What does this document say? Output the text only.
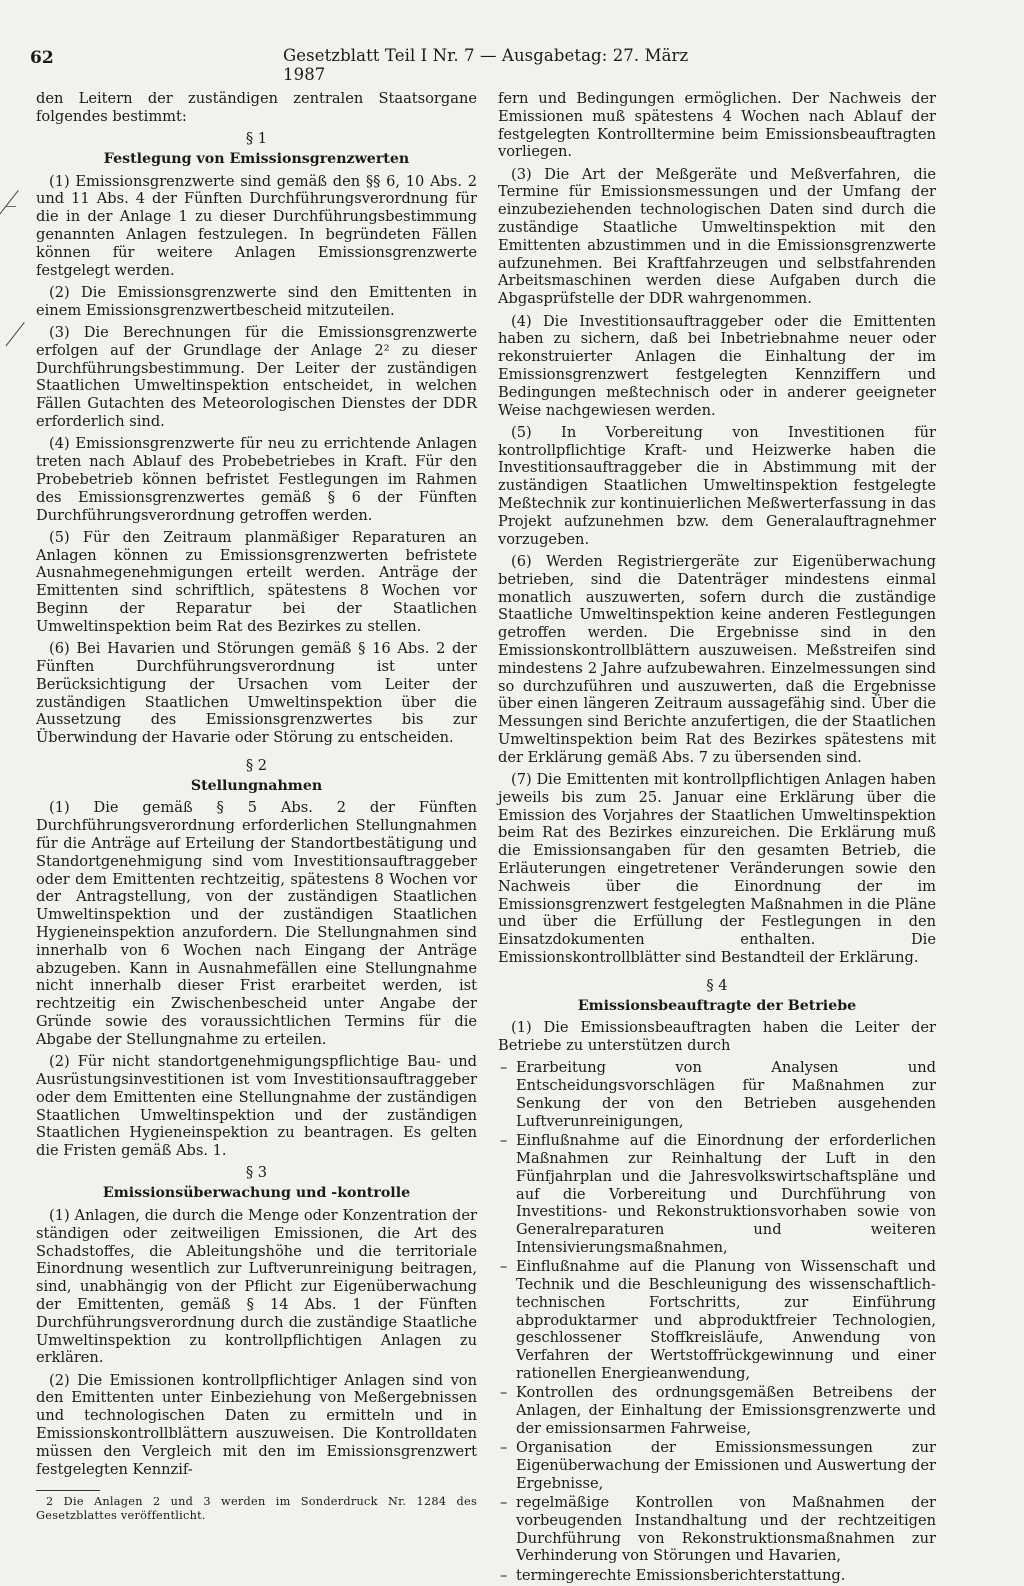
62	Gesetzblatt Teil I Nr. 7 — Ausgabetag: 27. März 1987

den Leitern der zuständigen zentralen Staatsorgane folgendes bestimmt:

§ 1
Festlegung von Emissionsgrenzwerten

(1) Emissionsgrenzwerte sind gemäß den §§ 6, 10 Abs. 2 und 11 Abs. 4 der Fünften Durchführungsverordnung für die in der Anlage 1 zu dieser Durchführungsbestimmung genannten Anlagen festzulegen. In begründeten Fällen können für weitere Anlagen Emissionsgrenzwerte festgelegt werden.

(2) Die Emissionsgrenzwerte sind den Emittenten in einem Emissionsgrenzwertbescheid mitzuteilen.

(3) Die Berechnungen für die Emissionsgrenzwerte erfolgen auf der Grundlage der Anlage 2² zu dieser Durchführungsbestimmung. Der Leiter der zuständigen Staatlichen Umweltinspektion entscheidet, in welchen Fällen Gutachten des Meteorologischen Dienstes der DDR erforderlich sind.

(4) Emissionsgrenzwerte für neu zu errichtende Anlagen treten nach Ablauf des Probebetriebes in Kraft. Für den Probebetrieb können befristet Festlegungen im Rahmen des Emissionsgrenzwertes gemäß § 6 der Fünften Durchführungsverordnung getroffen werden.

(5) Für den Zeitraum planmäßiger Reparaturen an Anlagen können zu Emissionsgrenzwerten befristete Ausnahmegenehmigungen erteilt werden. Anträge der Emittenten sind schriftlich, spätestens 8 Wochen vor Beginn der Reparatur bei der Staatlichen Umweltinspektion beim Rat des Bezirkes zu stellen.

(6) Bei Havarien und Störungen gemäß § 16 Abs. 2 der Fünften Durchführungsverordnung ist unter Berücksichtigung der Ursachen vom Leiter der zuständigen Staatlichen Umweltinspektion über die Aussetzung des Emissionsgrenzwertes bis zur Überwindung der Havarie oder Störung zu entscheiden.

§ 2
Stellungnahmen

(1) Die gemäß § 5 Abs. 2 der Fünften Durchführungsverordnung erforderlichen Stellungnahmen für die Anträge auf Erteilung der Standortbestätigung und Standortgenehmigung sind vom Investitionsauftraggeber oder dem Emittenten rechtzeitig, spätestens 8 Wochen vor der Antragstellung, von der zuständigen Staatlichen Umweltinspektion und der zuständigen Staatlichen Hygieneinspektion anzufordern. Die Stellungnahmen sind innerhalb von 6 Wochen nach Eingang der Anträge abzugeben. Kann in Ausnahmefällen eine Stellungnahme nicht innerhalb dieser Frist erarbeitet werden, ist rechtzeitig ein Zwischenbescheid unter Angabe der Gründe sowie des voraussichtlichen Termins für die Abgabe der Stellungnahme zu erteilen.

(2) Für nicht standortgenehmigungspflichtige Bau- und Ausrüstungsinvestitionen ist vom Investitionsauftraggeber oder dem Emittenten eine Stellungnahme der zuständigen Staatlichen Umweltinspektion und der zuständigen Staatlichen Hygieneinspektion zu beantragen. Es gelten die Fristen gemäß Abs. 1.

§ 3
Emissionsüberwachung und -kontrolle

(1) Anlagen, die durch die Menge oder Konzentration der ständigen oder zeitweiligen Emissionen, die Art des Schadstoffes, die Ableitungshöhe und die territoriale Einordnung wesentlich zur Luftverunreinigung beitragen, sind, unabhängig von der Pflicht zur Eigenüberwachung der Emittenten, gemäß § 14 Abs. 1 der Fünften Durchführungsverordnung durch die zuständige Staatliche Umweltinspektion zu kontrollpflichtigen Anlagen zu erklären.

(2) Die Emissionen kontrollpflichtiger Anlagen sind von den Emittenten unter Einbeziehung von Meßergebnissen und technologischen Daten zu ermitteln und in Emissionskontrollblättern auszuweisen. Die Kontrolldaten müssen den Vergleich mit den im Emissionsgrenzwert festgelegten Kennzif-

2 Die Anlagen 2 und 3 werden im Sonderdruck Nr. 1284 des Gesetzblattes veröffentlicht.

fern und Bedingungen ermöglichen. Der Nachweis der Emissionen muß spätestens 4 Wochen nach Ablauf der festgelegten Kontrolltermine beim Emissionsbeauftragten vorliegen.

(3) Die Art der Meßgeräte und Meßverfahren, die Termine für Emissionsmessungen und der Umfang der einzubeziehenden technologischen Daten sind durch die zuständige Staatliche Umweltinspektion mit den Emittenten abzustimmen und in die Emissionsgrenzwerte aufzunehmen. Bei Kraftfahrzeugen und selbstfahrenden Arbeitsmaschinen werden diese Aufgaben durch die Abgasprüfstelle der DDR wahrgenommen.

(4) Die Investitionsauftraggeber oder die Emittenten haben zu sichern, daß bei Inbetriebnahme neuer oder rekonstruierter Anlagen die Einhaltung der im Emissionsgrenzwert festgelegten Kennziffern und Bedingungen meßtechnisch oder in anderer geeigneter Weise nachgewiesen werden.

(5) In Vorbereitung von Investitionen für kontrollpflichtige Kraft- und Heizwerke haben die Investitionsauftraggeber die in Abstimmung mit der zuständigen Staatlichen Umweltinspektion festgelegte Meßtechnik zur kontinuierlichen Meßwerterfassung in das Projekt aufzunehmen bzw. dem Generalauftragnehmer vorzugeben.

(6) Werden Registriergeräte zur Eigenüberwachung betrieben, sind die Datenträger mindestens einmal monatlich auszuwerten, sofern durch die zuständige Staatliche Umweltinspektion keine anderen Festlegungen getroffen werden. Die Ergebnisse sind in den Emissionskontrollblättern auszuweisen. Meßstreifen sind mindestens 2 Jahre aufzubewahren. Einzelmessungen sind so durchzuführen und auszuwerten, daß die Ergebnisse über einen längeren Zeitraum aussagefähig sind. Über die Messungen sind Berichte anzufertigen, die der Staatlichen Umweltinspektion beim Rat des Bezirkes spätestens mit der Erklärung gemäß Abs. 7 zu übersenden sind.

(7) Die Emittenten mit kontrollpflichtigen Anlagen haben jeweils bis zum 25. Januar eine Erklärung über die Emission des Vorjahres der Staatlichen Umweltinspektion beim Rat des Bezirkes einzureichen. Die Erklärung muß die Emissionsangaben für den gesamten Betrieb, die Erläuterungen eingetretener Veränderungen sowie den Nachweis über die Einordnung der im Emissionsgrenzwert festgelegten Maßnahmen in die Pläne und über die Erfüllung der Festlegungen in den Einsatzdokumenten enthalten. Die Emissionskontrollblätter sind Bestandteil der Erklärung.

§ 4
Emissionsbeauftragte der Betriebe

(1) Die Emissionsbeauftragten haben die Leiter der Betriebe zu unterstützen durch

– Erarbeitung von Analysen und Entscheidungsvorschlägen für Maßnahmen zur Senkung der von den Betrieben ausgehenden Luftverunreinigungen,
– Einflußnahme auf die Einordnung der erforderlichen Maßnahmen zur Reinhaltung der Luft in den Fünfjahrplan und die Jahresvolkswirtschaftspläne und auf die Vorbereitung und Durchführung von Investitions- und Rekonstruktionsvorhaben sowie von Generalreparaturen und weiteren Intensivierungsmaßnahmen,
– Einflußnahme auf die Planung von Wissenschaft und Technik und die Beschleunigung des wissenschaftlich-technischen Fortschritts, zur Einführung abproduktarmer und abproduktfreier Technologien, geschlossener Stoffkreisläufe, Anwendung von Verfahren der Wertstoffrückgewinnung und einer rationellen Energieanwendung,
– Kontrollen des ordnungsgemäßen Betreibens der Anlagen, der Einhaltung der Emissionsgrenzwerte und der emissionsarmen Fahrweise,
– Organisation der Emissionsmessungen zur Eigenüberwachung der Emissionen und Auswertung der Ergebnisse,
– regelmäßige Kontrollen von Maßnahmen der vorbeugenden Instandhaltung und der rechtzeitigen Durchführung von Rekonstruktionsmaßnahmen zur Verhinderung von Störungen und Havarien,
– termingerechte Emissionsberichterstattung.
